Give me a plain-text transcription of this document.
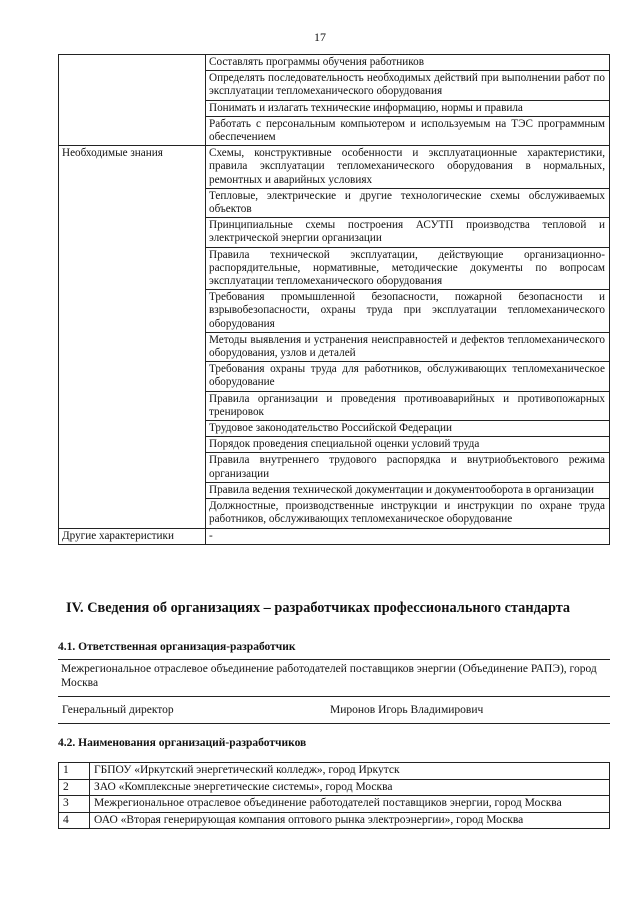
17
	Составлять программы обучения работников
	Определять последовательность необходимых действий при выполнении работ по эксплуатации тепломеханического оборудования
	Понимать и излагать технические информацию, нормы и правила
	Работать с персональным компьютером и используемым на ТЭС программным обеспечением
Необходимые знания	Схемы, конструктивные особенности и эксплуатационные характеристики, правила эксплуатации тепломеханического оборудования в нормальных, ремонтных и аварийных условиях
	Тепловые, электрические и другие технологические схемы обслуживаемых объектов
	Принципиальные схемы построения АСУТП производства тепловой и электрической энергии организации
	Правила технической эксплуатации, действующие организационно-распорядительные, нормативные, методические документы по вопросам эксплуатации тепломеханического оборудования
	Требования промышленной безопасности, пожарной безопасности и взрывобезопасности, охраны труда при эксплуатации тепломеханического оборудования
	Методы выявления и устранения неисправностей и дефектов тепломеханического оборудования, узлов и деталей
	Требования охраны труда для работников, обслуживающих тепломеханическое оборудование
	Правила организации и проведения противоаварийных и противопожарных тренировок
	Трудовое законодательство Российской Федерации
	Порядок проведения специальной оценки условий труда
	Правила внутреннего трудового распорядка и внутриобъектового режима организации
	Правила ведения технической документации и документооборота в организации
	Должностные, производственные инструкции и инструкции по охране труда работников, обслуживающих тепломеханическое оборудование
Другие характеристики	-
IV. Сведения об организациях – разработчиках профессионального стандарта
4.1. Ответственная организация-разработчик
Межрегиональное отраслевое объединение работодателей поставщиков энергии (Объединение РАПЭ), город Москва
Генеральный директор	Миронов Игорь Владимирович
4.2. Наименования организаций-разработчиков
1	ГБПОУ «Иркутский энергетический колледж», город Иркутск
2	ЗАО «Комплексные энергетические системы», город Москва
3	Межрегиональное отраслевое объединение работодателей поставщиков энергии, город Москва
4	ОАО «Вторая генерирующая компания оптового рынка электроэнергии», город Москва
